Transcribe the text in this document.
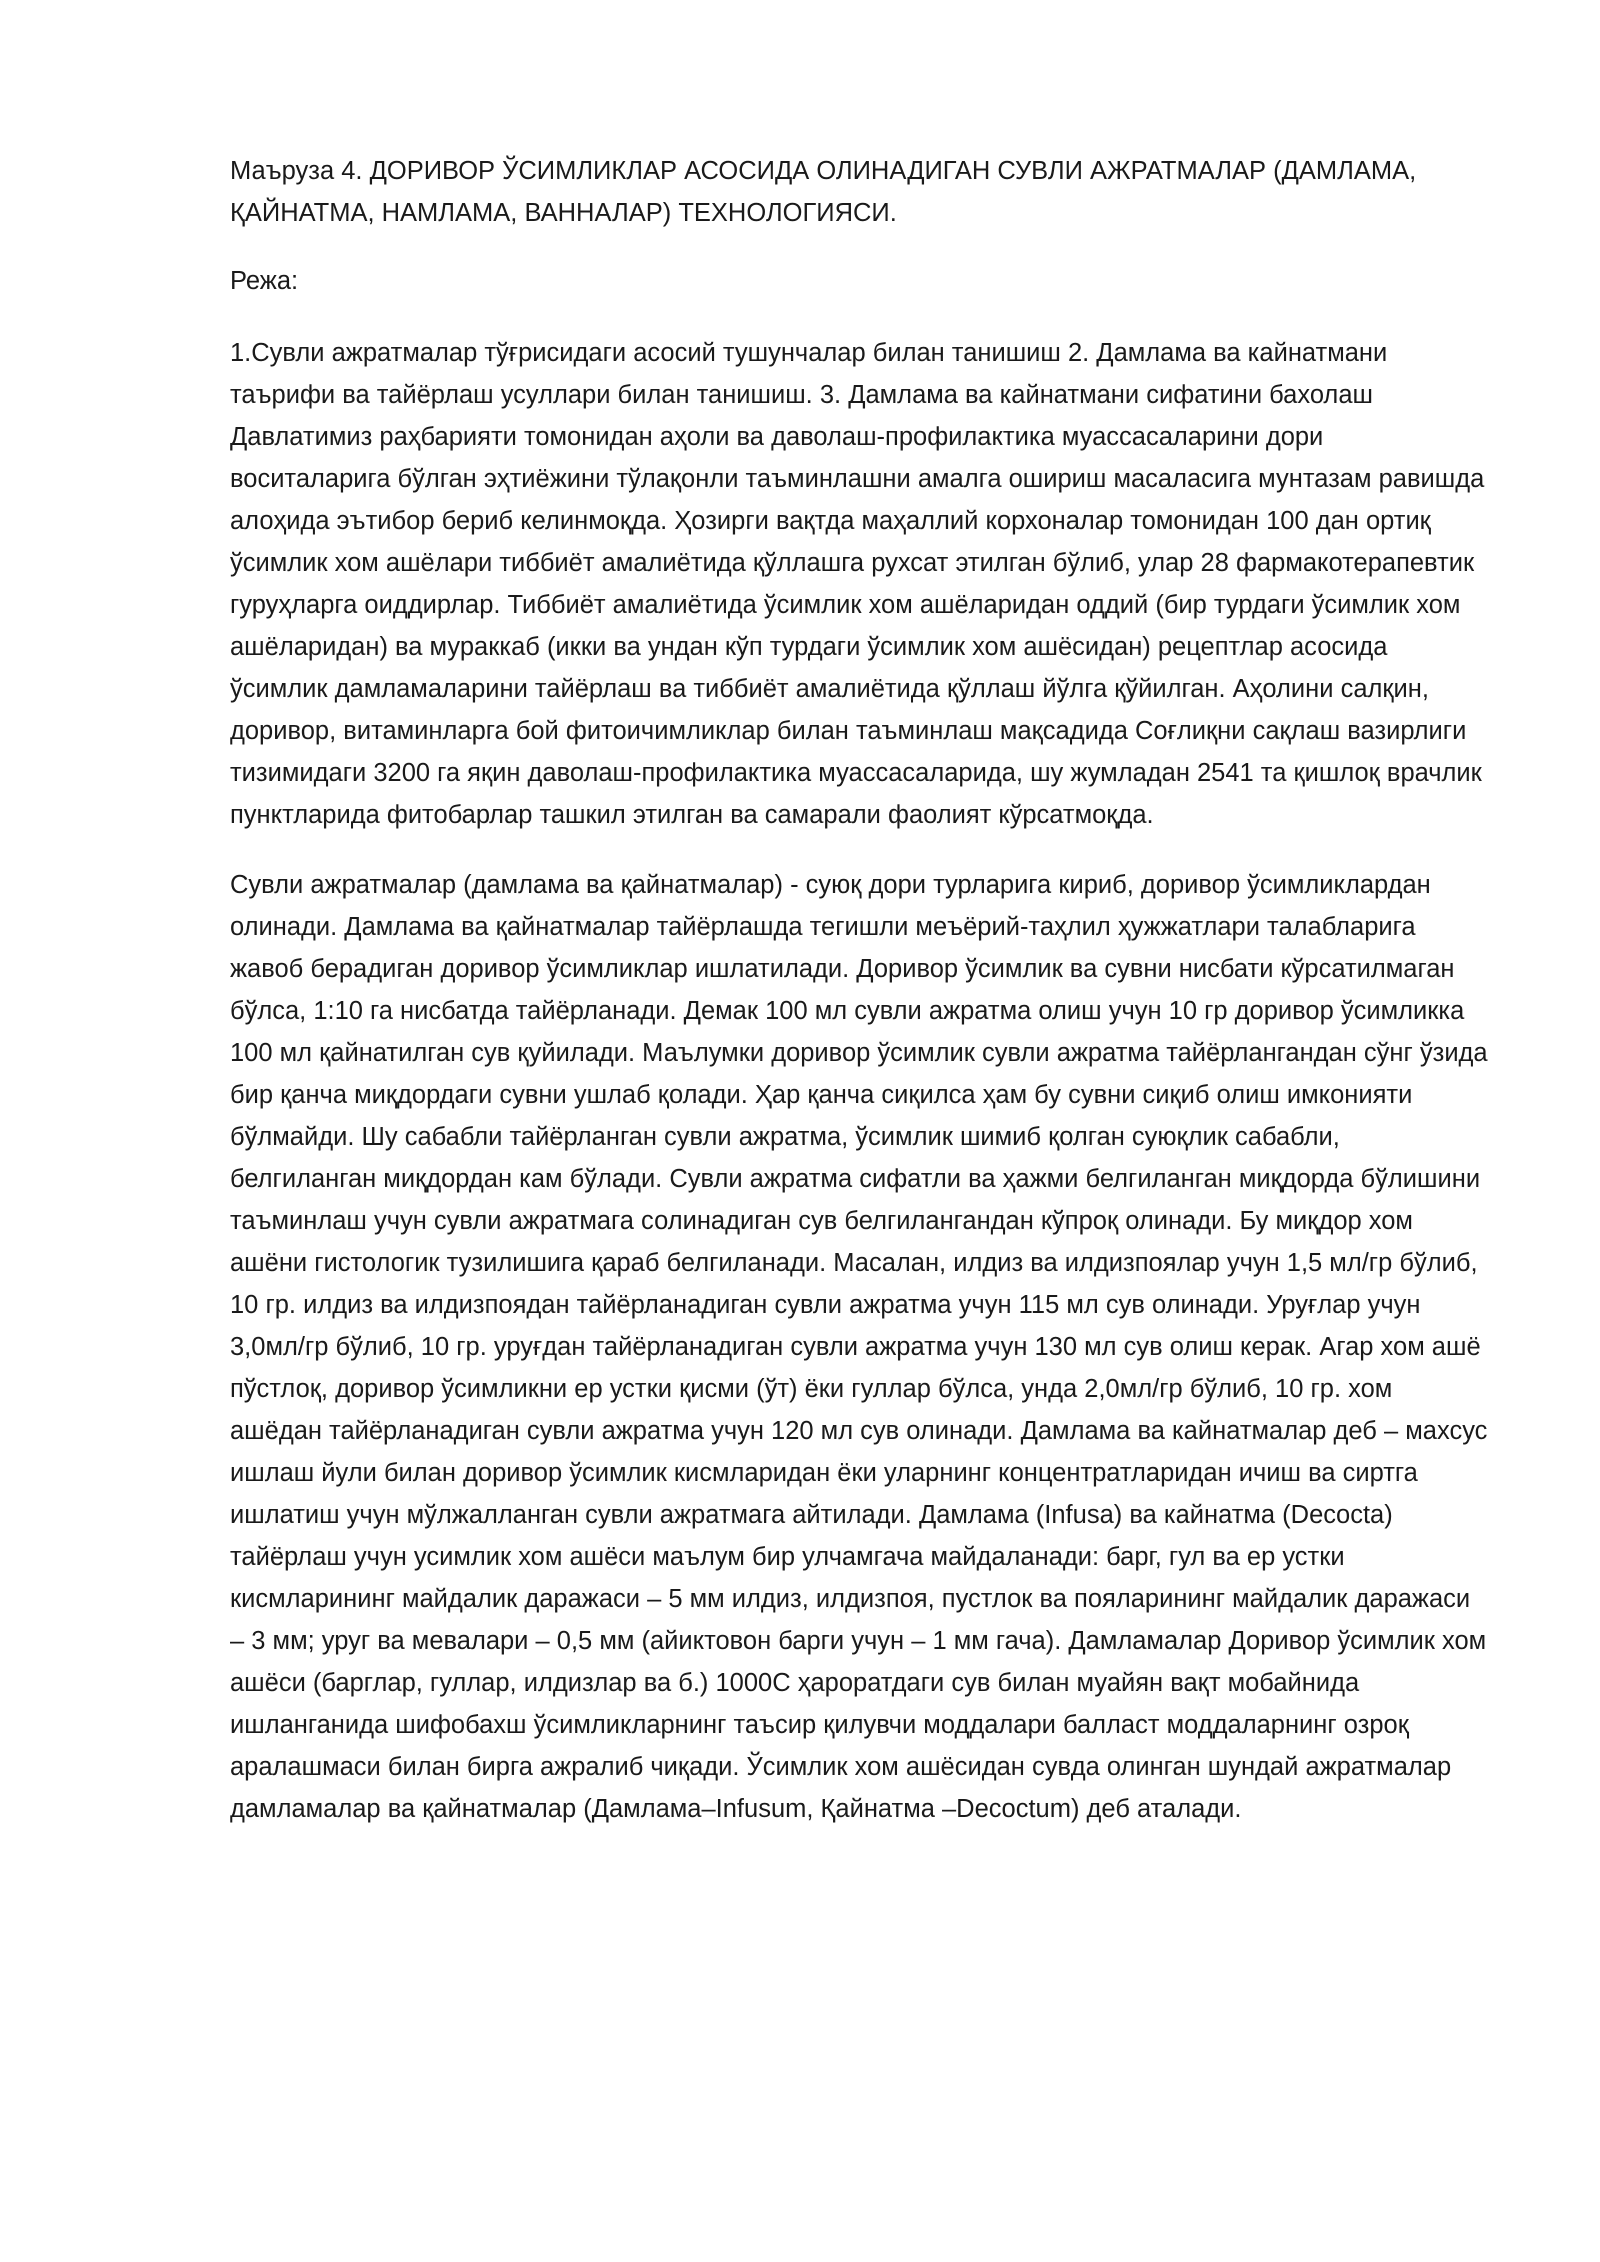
Маъруза 4. ДОРИВОР ЎСИМЛИКЛАР АСОСИДА ОЛИНАДИГАН СУВЛИ АЖРАТМАЛАР (ДАМЛАМА, ҚАЙНАТМА, НАМЛАМА, ВАННАЛАР) ТЕХНОЛОГИЯСИ.

Режа:

1.Сувли ажратмалар тўғрисидаги асосий тушунчалар билан танишиш 2. Дамлама ва кайнатмани таърифи ва тайёрлаш усуллари билан танишиш. 3. Дамлама ва кайнатмани сифатини бахолаш Давлатимиз раҳбарияти томонидан аҳоли ва даволаш-профилактика муассасаларини дори воситаларига бўлган эҳтиёжини тўлақонли таъминлашни амалга ошириш масаласига мунтазам равишда алоҳида эътибор бериб келинмоқда. Ҳозирги вақтда маҳаллий корхоналар томонидан 100 дан ортиқ ўсимлик хом ашёлари тиббиёт амалиётида қўллашга рухсат этилган бўлиб, улар 28 фармакотерапевтик гуруҳларга оиддирлар. Тиббиёт амалиётида ўсимлик хом ашёларидан оддий (бир турдаги ўсимлик хом ашёларидан) ва мураккаб (икки ва ундан кўп турдаги ўсимлик хом ашёсидан) рецептлар асосида ўсимлик дамламаларини тайёрлаш ва тиббиёт амалиётида қўллаш йўлга қўйилган. Аҳолини салқин, доривор, витаминларга бой фитоичимликлар билан таъминлаш мақсадида Соғлиқни сақлаш вазирлиги тизимидаги 3200 га яқин даволаш-профилактика муассасаларида, шу жумладан 2541 та қишлоқ врачлик пунктларида фитобарлар ташкил этилган ва самарали фаолият кўрсатмоқда.

Сувли ажратмалар (дамлама ва қайнатмалар) - суюқ дори турларига кириб, доривор ўсимликлардан олинади. Дамлама ва қайнатмалар тайёрлашда тегишли меъёрий-таҳлил ҳужжатлари талабларига жавоб берадиган доривор ўсимликлар ишлатилади. Доривор ўсимлик ва сувни нисбати кўрсатилмаган бўлса, 1:10 га нисбатда тайёрланади. Демак 100 мл сувли ажратма олиш учун 10 гр доривор ўсимликка 100 мл қайнатилган сув қуйилади. Маълумки доривор ўсимлик сувли ажратма тайёрлангандан сўнг ўзида бир қанча миқдордаги сувни ушлаб қолади. Ҳар қанча сиқилса ҳам бу сувни сиқиб олиш имконияти бўлмайди. Шу сабабли тайёрланган сувли ажратма, ўсимлик шимиб қолган суюқлик сабабли, белгиланган миқдордан кам бўлади. Сувли ажратма сифатли ва ҳажми белгиланган миқдорда бўлишини таъминлаш учун сувли ажратмага солинадиган сув белгилангандан кўпроқ олинади. Бу миқдор хом ашёни гистологик тузилишига қараб белгиланади. Масалан, илдиз ва илдизпоялар учун 1,5 мл/гр бўлиб, 10 гр. илдиз ва илдизпоядан тайёрланадиган сувли ажратма учун 115 мл сув олинади. Уруғлар учун 3,0мл/гр бўлиб, 10 гр. уруғдан тайёрланадиган сувли ажратма учун 130 мл сув олиш керак. Агар хом ашё пўстлоқ, доривор ўсимликни ер устки қисми (ўт) ёки гуллар бўлса, унда 2,0мл/гр бўлиб, 10 гр. хом ашёдан тайёрланадиган сувли ажратма учун 120 мл сув олинади. Дамлама ва кайнатмалар деб – махсус ишлаш йули билан доривор ўсимлик кисмларидан ёки уларнинг концентратларидан ичиш ва сиртга ишлатиш учун мўлжалланган сувли ажратмага айтилади. Дамлама (Infusa) ва кайнатма (Decocta) тайёрлаш учун усимлик хом ашёси маълум бир улчамгача майдаланади: барг, гул ва ер устки кисмларининг майдалик даражаси – 5 мм илдиз, илдизпоя, пустлок ва пояларининг майдалик даражаси – 3 мм; уруг ва мевалари – 0,5 мм (айиктовон барги учун – 1 мм гача). Дамламалар Доривор ўсимлик хом ашёси (барглар, гуллар, илдизлар ва б.) 1000С ҳароратдаги сув билан муайян вақт мобайнида ишланганида шифобахш ўсимликларнинг таъсир қилувчи моддалари балласт моддаларнинг озроқ аралашмаси билан бирга ажралиб чиқади. Ўсимлик хом ашёсидан сувда олинган шундай ажратмалар дамламалар ва қайнатмалар (Дамлама–Infusum, Қайнатма –Decoctum) деб аталади.
